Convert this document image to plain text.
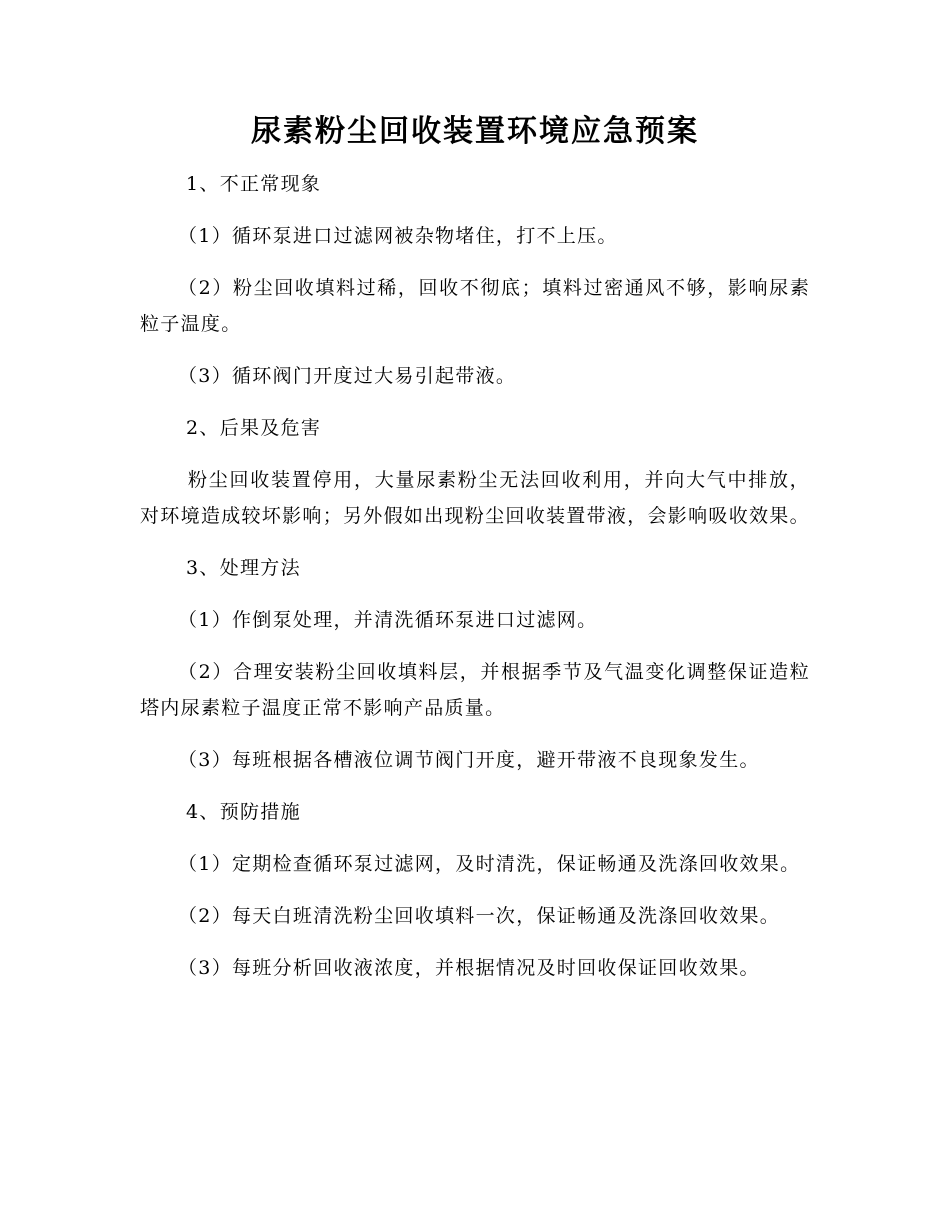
尿素粉尘回收装置环境应急预案

1、不正常现象

（1）循环泵进口过滤网被杂物堵住，打不上压。

（2）粉尘回收填料过稀，回收不彻底；填料过密通风不够，影响尿素粒子温度。

（3）循环阀门开度过大易引起带液。

2、后果及危害

粉尘回收装置停用，大量尿素粉尘无法回收利用，并向大气中排放，对环境造成较坏影响；另外假如出现粉尘回收装置带液，会影响吸收效果。

3、处理方法

（1）作倒泵处理，并清洗循环泵进口过滤网。

（2）合理安装粉尘回收填料层，并根据季节及气温变化调整保证造粒塔内尿素粒子温度正常不影响产品质量。

（3）每班根据各槽液位调节阀门开度，避开带液不良现象发生。

4、预防措施

（1）定期检查循环泵过滤网，及时清洗，保证畅通及洗涤回收效果。

（2）每天白班清洗粉尘回收填料一次，保证畅通及洗涤回收效果。

（3）每班分析回收液浓度，并根据情况及时回收保证回收效果。
